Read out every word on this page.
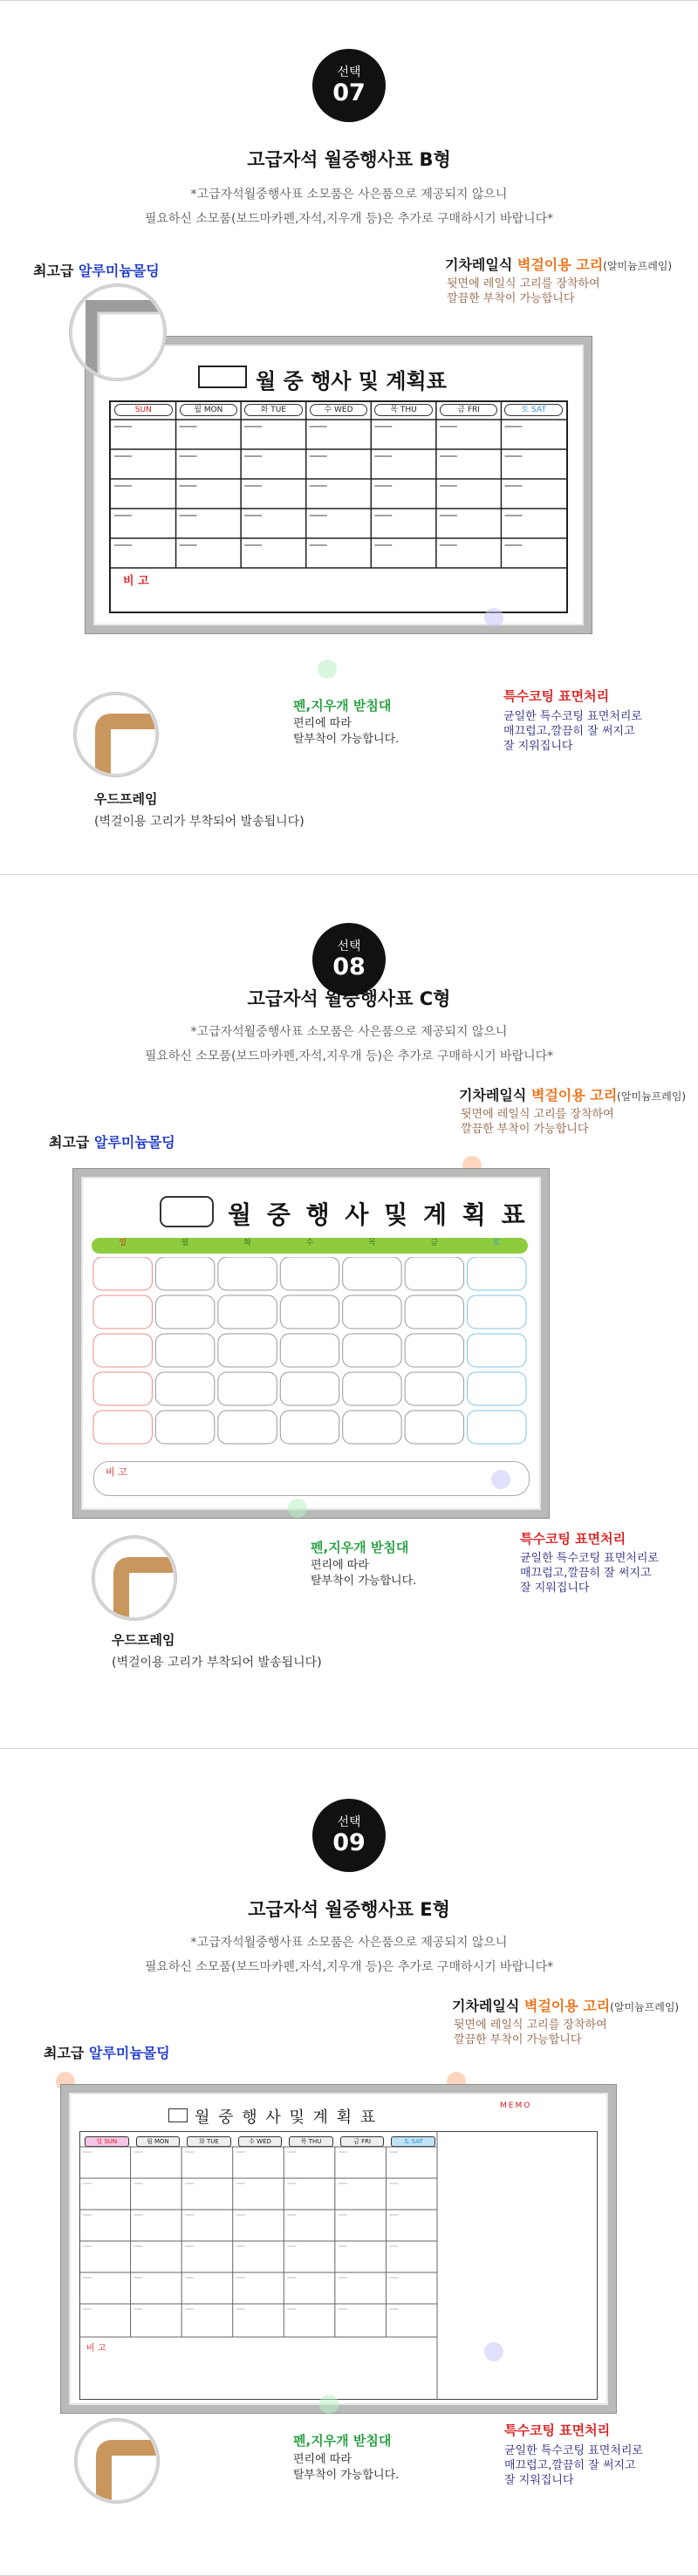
선택
07
고급자석 월중행사표 B형
*고급자석월중행사표 소모품은 사은품으로 제공되지 않으니
필요하신 소모품(보드마카펜,자석,지우개 등)은 추가로 구매하시기 바랍니다*
최고급 알루미늄몰딩	기차레일식 벽걸이용 고리(알미늄프레임)
뒷면에 레일식 고리를 장착하여
깔끔한 부착이 가능합니다
월 중 행사 및 계획표
SUN	월 MON	화 TUE	수 WED	목 THU	금 FRI	토 SAT
비 고
펜,지우개 받침대
편리에 따라
탈부착이 가능합니다.
특수코팅 표면처리
균일한 특수코팅 표면처리로
매끄럽고,깔끔히 잘 써지고
잘 지워집니다
우드프레임
(벽걸이용 고리가 부착되어 발송됩니다)
선택
08
고급자석 월중행사표 C형
*고급자석월중행사표 소모품은 사은품으로 제공되지 않으니
필요하신 소모품(보드마카펜,자석,지우개 등)은 추가로 구매하시기 바랍니다*
기차레일식 벽걸이용 고리(알미늄프레임)
뒷면에 레일식 고리를 장착하여
깔끔한 부착이 가능합니다
최고급 알루미늄몰딩
월 중 행 사 및 계 획 표
일	월	화	수	목	금	토
비 고
펜,지우개 받침대
편리에 따라
탈부착이 가능합니다.
특수코팅 표면처리
균일한 특수코팅 표면처리로
매끄럽고,깔끔히 잘 써지고
잘 지워집니다
우드프레임
(벽걸이용 고리가 부착되어 발송됩니다)
선택
09
고급자석 월중행사표 E형
*고급자석월중행사표 소모품은 사은품으로 제공되지 않으니
필요하신 소모품(보드마카펜,자석,지우개 등)은 추가로 구매하시기 바랍니다*
기차레일식 벽걸이용 고리(알미늄프레임)
뒷면에 레일식 고리를 장착하여
깔끔한 부착이 가능합니다
최고급 알루미늄몰딩
월 중 행 사 및 계 획 표
MEMO
일 SUN	월 MON	화 TUE	수 WED	목 THU	금 FRI	토 SAT
비 고
펜,지우개 받침대
편리에 따라
탈부착이 가능합니다.
특수코팅 표면처리
균일한 특수코팅 표면처리로
매끄럽고,깔끔히 잘 써지고
잘 지워집니다
